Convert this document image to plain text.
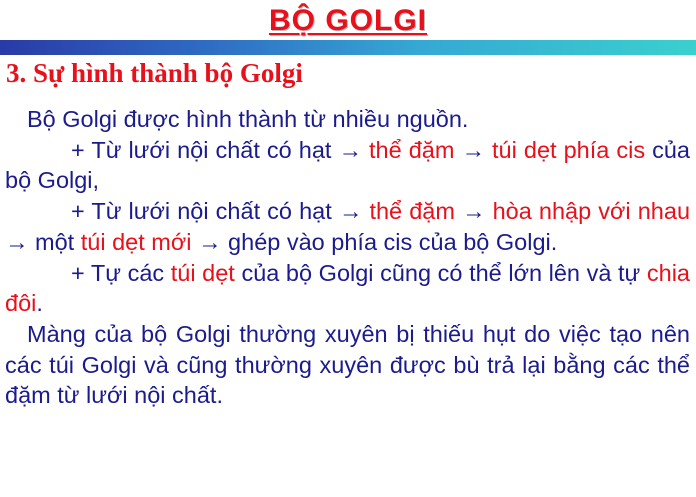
BỘ GOLGI
3. Sự hình thành bộ Golgi

Bộ Golgi được hình thành từ nhiều nguồn.

+ Từ lưới nội chất có hạt → thể đặm → túi dẹt phía cis của bộ Golgi,

+ Từ lưới nội chất có hạt → thể đặm → hòa nhập với nhau → một túi dẹt mới → ghép vào phía cis của bộ Golgi.

+ Tự các túi dẹt của bộ Golgi cũng có thể lớn lên và tự chia đôi.

Màng của bộ Golgi thường xuyên bị thiếu hụt do việc tạo nên các túi Golgi và cũng thường xuyên được bù trả lại bằng các thể đặm từ lưới nội chất.
